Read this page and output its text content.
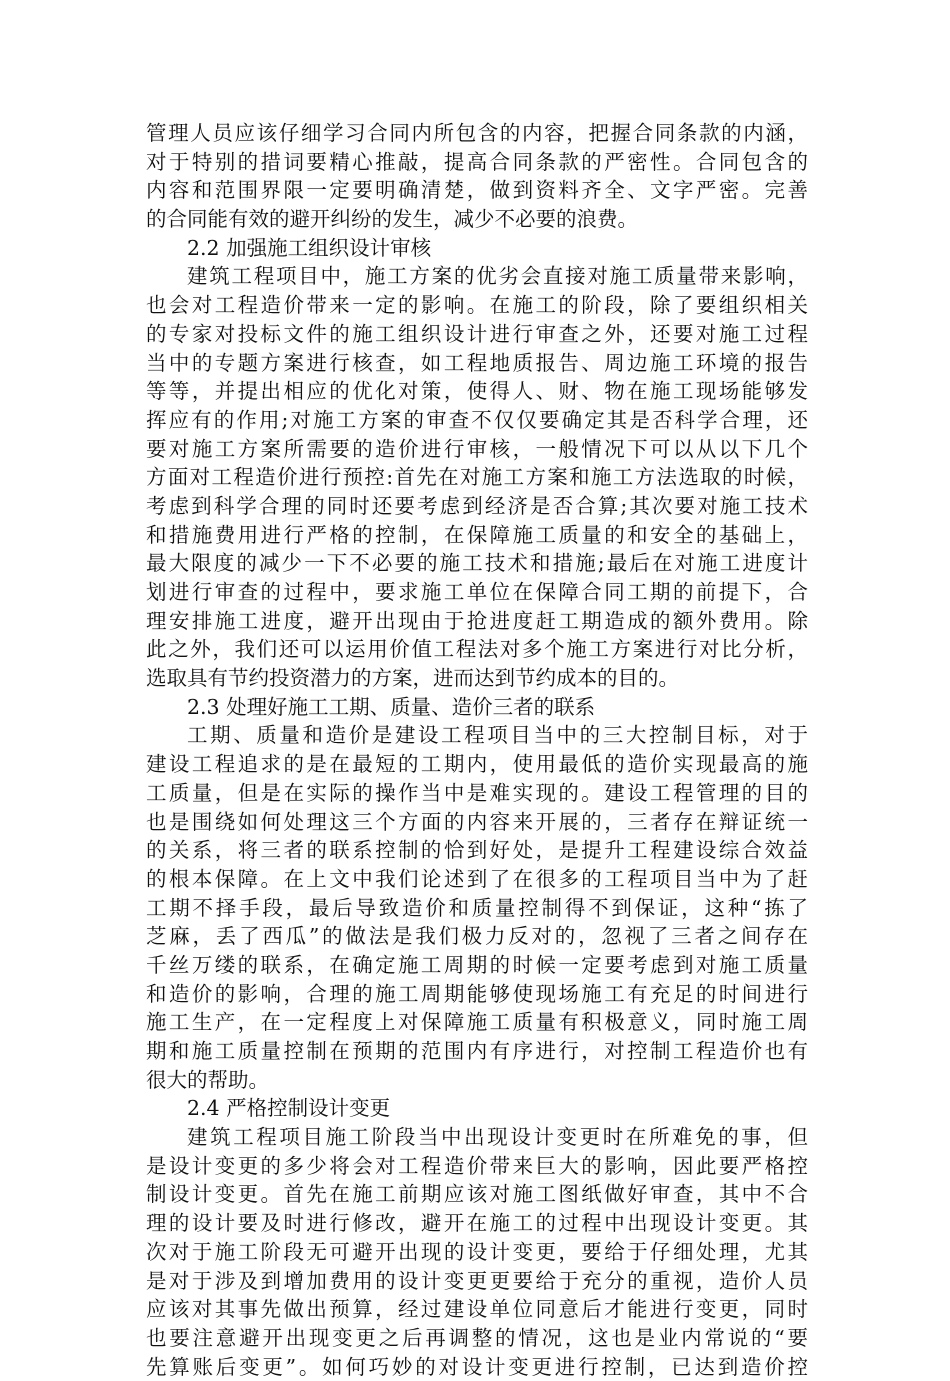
管理人员应该仔细学习合同内所包含的内容，把握合同条款的内涵，
对于特别的措词要精心推敲，提高合同条款的严密性。合同包含的
内容和范围界限一定要明确清楚，做到资料齐全、文字严密。完善
的合同能有效的避开纠纷的发生，减少不必要的浪费。
2.2 加强施工组织设计审核
建筑工程项目中，施工方案的优劣会直接对施工质量带来影响，
也会对工程造价带来一定的影响。在施工的阶段，除了要组织相关
的专家对投标文件的施工组织设计进行审查之外，还要对施工过程
当中的专题方案进行核查，如工程地质报告、周边施工环境的报告
等等，并提出相应的优化对策，使得人、财、物在施工现场能够发
挥应有的作用;对施工方案的审查不仅仅要确定其是否科学合理，还
要对施工方案所需要的造价进行审核，一般情况下可以从以下几个
方面对工程造价进行预控:首先在对施工方案和施工方法选取的时候，
考虑到科学合理的同时还要考虑到经济是否合算;其次要对施工技术
和措施费用进行严格的控制，在保障施工质量的和安全的基础上，
最大限度的减少一下不必要的施工技术和措施;最后在对施工进度计
划进行审查的过程中，要求施工单位在保障合同工期的前提下，合
理安排施工进度，避开出现由于抢进度赶工期造成的额外费用。除
此之外，我们还可以运用价值工程法对多个施工方案进行对比分析，
选取具有节约投资潜力的方案，进而达到节约成本的目的。
2.3 处理好施工工期、质量、造价三者的联系
工期、质量和造价是建设工程项目当中的三大控制目标，对于
建设工程追求的是在最短的工期内，使用最低的造价实现最高的施
工质量，但是在实际的操作当中是难实现的。建设工程管理的目的
也是围绕如何处理这三个方面的内容来开展的，三者存在辩证统一
的关系，将三者的联系控制的恰到好处，是提升工程建设综合效益
的根本保障。在上文中我们论述到了在很多的工程项目当中为了赶
工期不择手段，最后导致造价和质量控制得不到保证，这种“拣了
芝麻，丢了西瓜”的做法是我们极力反对的，忽视了三者之间存在
千丝万缕的联系，在确定施工周期的时候一定要考虑到对施工质量
和造价的影响，合理的施工周期能够使现场施工有充足的时间进行
施工生产，在一定程度上对保障施工质量有积极意义，同时施工周
期和施工质量控制在预期的范围内有序进行，对控制工程造价也有
很大的帮助。
2.4 严格控制设计变更
建筑工程项目施工阶段当中出现设计变更时在所难免的事，但
是设计变更的多少将会对工程造价带来巨大的影响，因此要严格控
制设计变更。首先在施工前期应该对施工图纸做好审查，其中不合
理的设计要及时进行修改，避开在施工的过程中出现设计变更。其
次对于施工阶段无可避开出现的设计变更，要给于仔细处理，尤其
是对于涉及到增加费用的设计变更更要给于充分的重视，造价人员
应该对其事先做出预算，经过建设单位同意后才能进行变更，同时
也要注意避开出现变更之后再调整的情况，这也是业内常说的“要
先算账后变更”。如何巧妙的对设计变更进行控制，已达到造价控
